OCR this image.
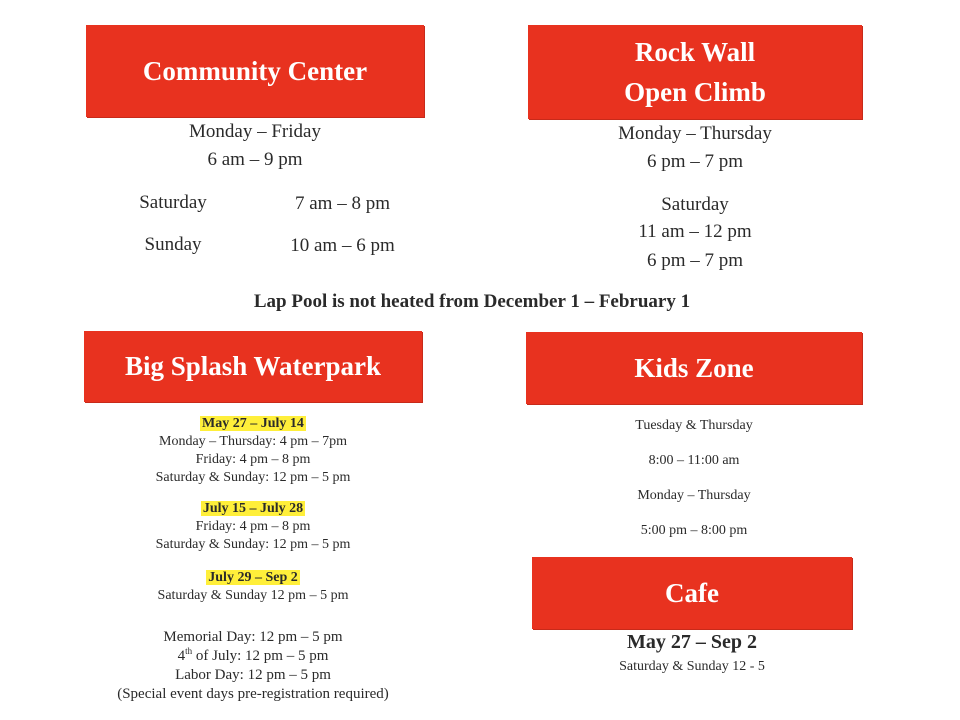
Community Center
Monday – Friday
6 am – 9 pm
Saturday	7 am – 8 pm
Sunday	10 am – 6 pm
Rock Wall
Open Climb
Monday – Thursday
6 pm – 7 pm
Saturday
11 am – 12 pm
6 pm – 7 pm
Lap Pool is not heated from December 1 – February 1
Big Splash Waterpark
May 27 – July 14
Monday – Thursday: 4 pm – 7pm
Friday: 4 pm – 8 pm
Saturday & Sunday: 12 pm – 5 pm
July 15 – July 28
Friday: 4 pm – 8 pm
Saturday & Sunday: 12 pm – 5 pm
July 29 – Sep 2
Saturday & Sunday 12 pm – 5 pm
Memorial Day: 12 pm – 5 pm
4th of July: 12 pm – 5 pm
Labor Day: 12 pm – 5 pm
(Special event days pre-registration required)
Kids Zone
Tuesday & Thursday
8:00 – 11:00 am
Monday – Thursday
5:00 pm – 8:00 pm
Cafe
May 27 – Sep 2
Saturday & Sunday 12 - 5
